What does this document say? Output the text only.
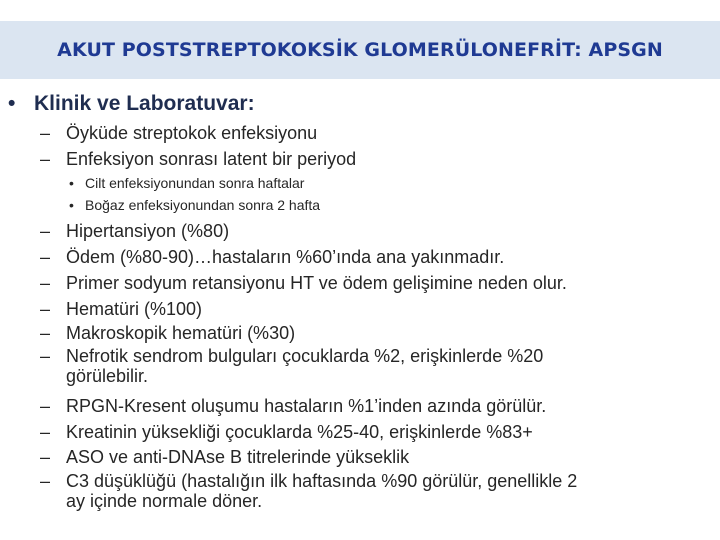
AKUT POSTSTREPTOKOKSİK GLOMERÜLONEFRİT: APSGN
• Klinik ve Laboratuvar:
– Öyküde streptokok enfeksiyonu
– Enfeksiyon sonrası latent bir periyod
• Cilt enfeksiyonundan sonra haftalar
• Boğaz enfeksiyonundan sonra 2 hafta
– Hipertansiyon (%80)
– Ödem (%80-90)…hastaların %60’ında ana yakınmadır.
– Primer sodyum retansiyonu HT ve ödem gelişimine neden olur.
– Hematüri (%100)
– Makroskopik hematüri (%30)
– Nefrotik sendrom bulguları çocuklarda %2, erişkinlerde %20
görülebilir.
– RPGN-Kresent oluşumu hastaların %1’inden azında görülür.
– Kreatinin yüksekliği çocuklarda %25-40, erişkinlerde %83+
– ASO ve anti-DNAse B titrelerinde yükseklik
– C3 düşüklüğü (hastalığın ilk haftasında %90 görülür, genellikle 2
ay içinde normale döner.
